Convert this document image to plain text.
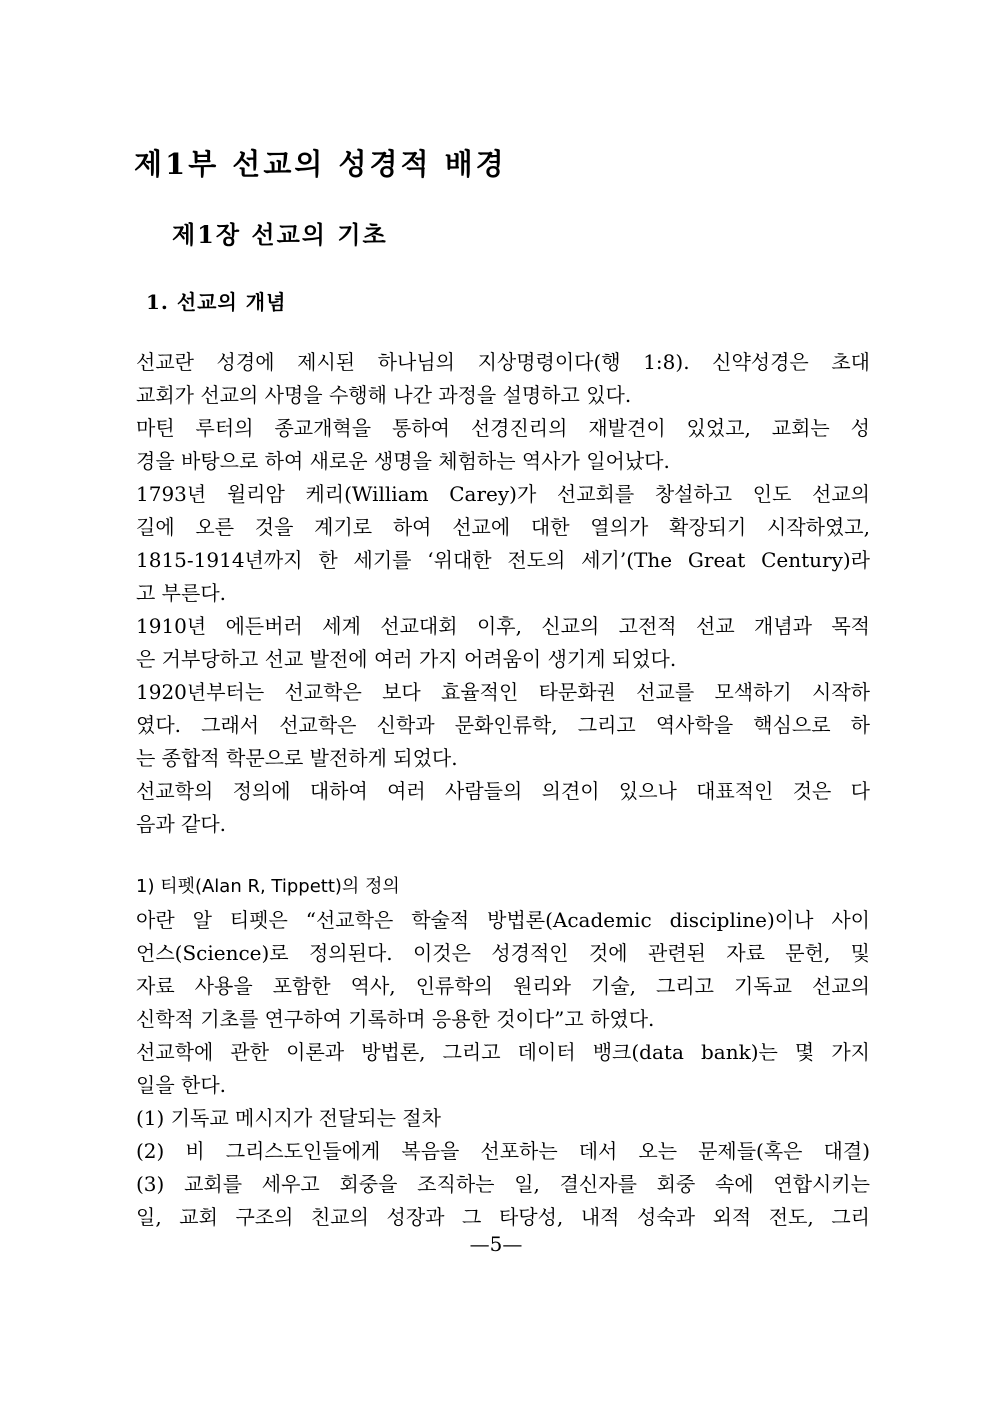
제1부 선교의 성경적 배경
제1장 선교의 기초
1. 선교의 개념
선교란 성경에 제시된 하나님의 지상명령이다(행 1:8). 신약성경은 초대
교회가 선교의 사명을 수행해 나간 과정을 설명하고 있다.
마틴 루터의 종교개혁을 통하여 선경진리의 재발견이 있었고, 교회는 성
경을 바탕으로 하여 새로운 생명을 체험하는 역사가 일어났다.
1793년 윌리암 케리(William Carey)가 선교회를 창설하고 인도 선교의
길에 오른 것을 계기로 하여 선교에 대한 열의가 확장되기 시작하였고,
1815-1914년까지 한 세기를 ‘위대한 전도의 세기’(The Great Century)라
고 부른다.
1910년 에든버러 세계 선교대회 이후, 신교의 고전적 선교 개념과 목적
은 거부당하고 선교 발전에 여러 가지 어려움이 생기게 되었다.
1920년부터는 선교학은 보다 효율적인 타문화권 선교를 모색하기 시작하
였다. 그래서 선교학은 신학과 문화인류학, 그리고 역사학을 핵심으로 하
는 종합적 학문으로 발전하게 되었다.
선교학의 정의에 대하여 여러 사람들의 의견이 있으나 대표적인 것은 다
음과 같다.
1) 티펫(Alan R, Tippett)의 정의
아란 알 티펫은 “선교학은 학술적 방법론(Academic discipline)이나 사이
언스(Science)로 정의된다. 이것은 성경적인 것에 관련된 자료 문헌, 및
자료 사용을 포함한 역사, 인류학의 원리와 기술, 그리고 기독교 선교의
신학적 기초를 연구하여 기록하며 응용한 것이다”고 하였다.
선교학에 관한 이론과 방법론, 그리고 데이터 뱅크(data bank)는 몇 가지
일을 한다.
(1) 기독교 메시지가 전달되는 절차
(2) 비 그리스도인들에게 복음을 선포하는 데서 오는 문제들(혹은 대결)
(3) 교회를 세우고 회중을 조직하는 일, 결신자를 회중 속에 연합시키는
일, 교회 구조의 친교의 성장과 그 타당성, 내적 성숙과 외적 전도, 그리
—5—
